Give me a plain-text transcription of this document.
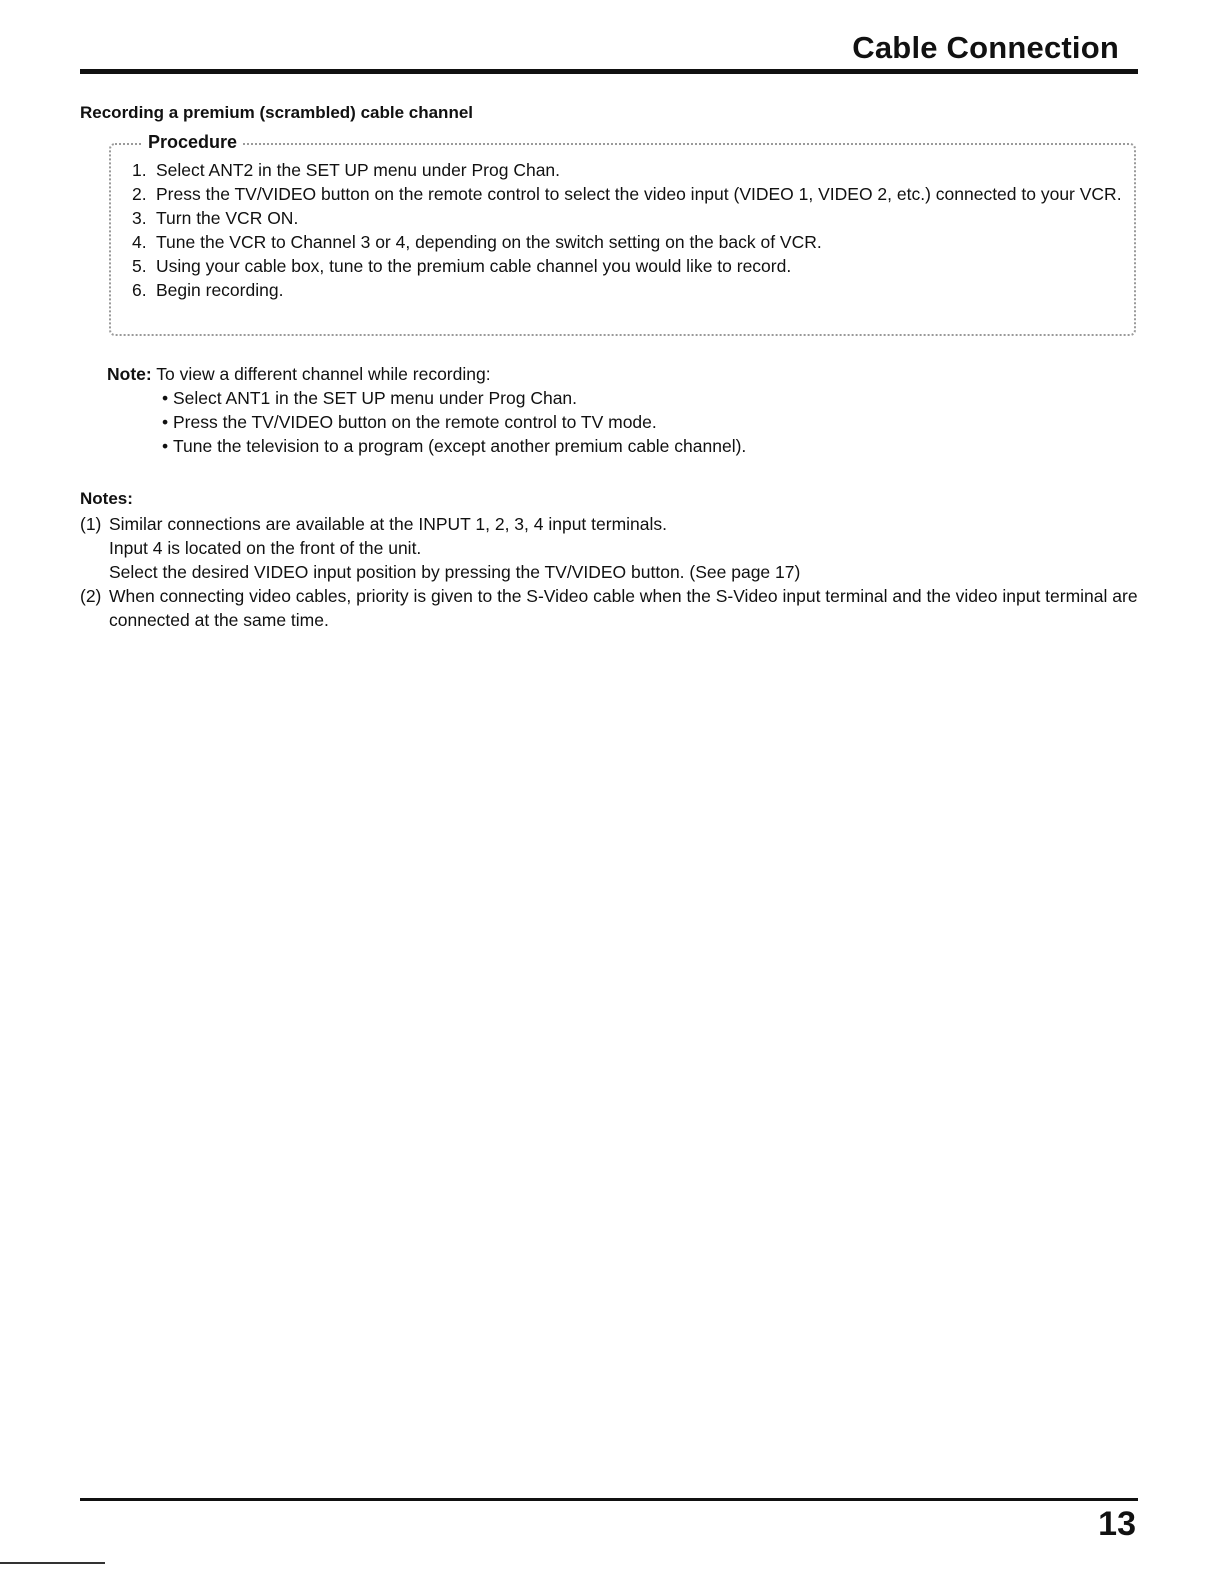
Cable Connection
Recording a premium (scrambled) cable channel
Procedure
1. Select ANT2 in the SET UP menu under Prog Chan.
2. Press the TV/VIDEO button on the remote control to select the video input (VIDEO 1, VIDEO 2, etc.) connected to your VCR.
3. Turn the VCR ON.
4. Tune the VCR to Channel 3 or 4, depending on the switch setting on the back of VCR.
5. Using your cable box, tune to the premium cable channel you would like to record.
6. Begin recording.
Note: To view a different channel while recording:
• Select ANT1 in the SET UP menu under Prog Chan.
• Press the TV/VIDEO button on the remote control to TV mode.
• Tune the television to a program (except another premium cable channel).
Notes:
(1) Similar connections are available at the INPUT 1, 2, 3, 4 input terminals.
Input 4 is located on the front of the unit.
Select the desired VIDEO input position by pressing the TV/VIDEO button. (See page 17)
(2) When connecting video cables, priority is given to the S-Video cable when the S-Video input terminal and the video input terminal are connected at the same time.
13
